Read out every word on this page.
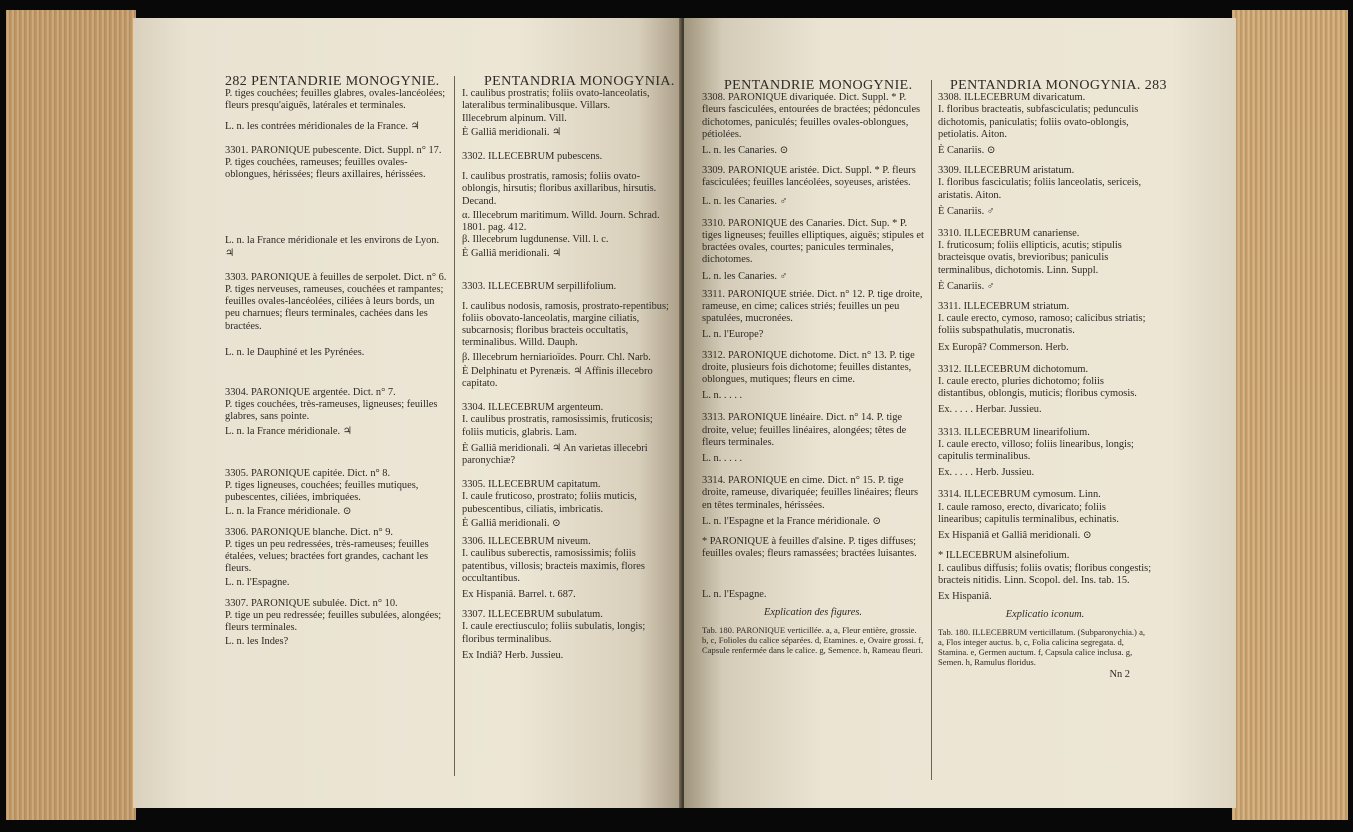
282 PENTANDRIE MONOGYNIE.
P. tiges couchées; feuilles glabres, ovales-lancéolées; fleurs presqu'aiguës, latérales et terminales.
L. n. les contrées méridionales de la France. ♃
3301. PARONIQUE pubescente. Dict. Suppl. n° 17.
P. tiges couchées, rameuses; feuilles ovales-oblongues, hérissées; fleurs axillaires, hérissées.
L. n. la France méridionale et les environs de Lyon. ♃
3303. PARONIQUE à feuilles de serpolet. Dict. n° 6.
P. tiges nerveuses, rameuses, couchées et rampantes; feuilles ovales-lancéolées, ciliées à leurs bords, un peu charnues; fleurs terminales, cachées dans les bractées.
L. n. le Dauphiné et les Pyrénées.
3304. PARONIQUE argentée. Dict. n° 7.
P. tiges couchées, très-rameuses, ligneuses; feuilles glabres, sans pointe.
L. n. la France méridionale. ♃
3305. PARONIQUE capitée. Dict. n° 8.
P. tiges ligneuses, couchées; feuilles mutiques, pubescentes, ciliées, imbriquées.
L. n. la France méridionale. ⊙
3306. PARONIQUE blanche. Dict. n° 9.
P. tiges un peu redressées, très-rameuses; feuilles étalées, velues; bractées fort grandes, cachant les fleurs.
L. n. l'Espagne.
3307. PARONIQUE subulée. Dict. n° 10.
P. tige un peu redressée; feuilles subulées, alongées; fleurs terminales.
L. n. les Indes?
PENTANDRIA MONOGYNIA.
I. caulibus prostratis; foliis ovato-lanceolatis, lateralibus terminalibusque. Villars.
Illecebrum alpinum. Vill.
È Galliâ meridionali. ♃
3302. ILLECEBRUM pubescens.
I. caulibus prostratis, ramosis; foliis ovato-oblongis, hirsutis; floribus axillaribus, hirsutis. Decand.
α. Illecebrum maritimum. Willd. Journ. Schrad. 1801. pag. 412.
β. Illecebrum lugdunense. Vill. l. c.
È Galliâ meridionali. ♃
3303. ILLECEBRUM serpillifolium.
I. caulibus nodosis, ramosis, prostrato-repentibus; foliis obovato-lanceolatis, margine ciliatis, subcarnosis; floribus bracteis occultatis, terminalibus. Willd. Dauph.
β. Illecebrum herniarioïdes. Pourr. Chl. Narb.
È Delphinatu et Pyrenæis. ♃ Affinis illecebro capitato.
3304. ILLECEBRUM argenteum.
I. caulibus prostratis, ramosissimis, fruticosis; foliis muticis, glabris. Lam.
È Galliâ meridionali. ♃ An varietas illecebri paronychiæ?
3305. ILLECEBRUM capitatum.
I. caule fruticoso, prostrato; foliis muticis, pubescentibus, ciliatis, imbricatis.
È Galliâ meridionali. ⊙
3306. ILLECEBRUM niveum.
I. caulibus suberectis, ramosissimis; foliis patentibus, villosis; bracteis maximis, flores occultantibus.
Ex Hispaniâ. Barrel. t. 687.
3307. ILLECEBRUM subulatum.
I. caule erectiusculo; foliis subulatis, longis; floribus terminalibus.
Ex Indiâ? Herb. Jussieu.
PENTANDRIE MONOGYNIE.
3308. PARONIQUE divariquée. Dict. Suppl. * P. fleurs fasciculées, entourées de bractées; pédoncules dichotomes, paniculés; feuilles ovales-oblongues, pétiolées.
L. n. les Canaries. ⊙
3309. PARONIQUE aristée. Dict. Suppl. * P. fleurs fasciculées; feuilles lancéolées, soyeuses, aristées.
L. n. les Canaries. ♂
3310. PARONIQUE des Canaries. Dict. Sup. * P. tiges ligneuses; feuilles elliptiques, aiguës; stipules et bractées ovales, courtes; panicules terminales, dichotomes.
L. n. les Canaries. ♂
3311. PARONIQUE striée. Dict. n° 12. P. tige droite, rameuse, en cime; calices striés; feuilles un peu spatulées, mucronées.
L. n. l'Europe?
3312. PARONIQUE dichotome. Dict. n° 13. P. tige droite, plusieurs fois dichotome; feuilles distantes, oblongues, mutiques; fleurs en cime.
L. n. . . . .
3313. PARONIQUE linéaire. Dict. n° 14. P. tige droite, velue; feuilles linéaires, alongées; têtes de fleurs terminales.
L. n. . . . .
3314. PARONIQUE en cime. Dict. n° 15. P. tige droite, rameuse, divariquée; feuilles linéaires; fleurs en têtes terminales, hérissées.
L. n. l'Espagne et la France méridionale. ⊙
* PARONIQUE à feuilles d'alsine. P. tiges diffuses; feuilles ovales; fleurs ramassées; bractées luisantes.
L. n. l'Espagne.
Explication des figures.
Tab. 180. PARONIQUE verticillée. a, a, Fleur entière, grossie. b, c, Folioles du calice séparées. d, Etamines. e, Ovaire grossi. f, Capsule renfermée dans le calice. g, Semence. h, Rameau fleuri.
PENTANDRIA MONOGYNIA. 283
3308. ILLECEBRUM divaricatum.
I. floribus bracteatis, subfasciculatis; pedunculis dichotomis, paniculatis; foliis ovato-oblongis, petiolatis. Aiton.
È Canariis. ⊙
3309. ILLECEBRUM aristatum.
I. floribus fasciculatis; foliis lanceolatis, sericeis, aristatis. Aiton.
È Canariis. ♂
3310. ILLECEBRUM canariense.
I. fruticosum; foliis ellipticis, acutis; stipulis bracteisque ovatis, brevioribus; paniculis terminalibus, dichotomis. Linn. Suppl.
È Canariis. ♂
3311. ILLECEBRUM striatum.
I. caule erecto, cymoso, ramoso; calicibus striatis; foliis subspathulatis, mucronatis.
Ex Europâ? Commerson. Herb.
3312. ILLECEBRUM dichotomum.
I. caule erecto, pluries dichotomo; foliis distantibus, oblongis, muticis; floribus cymosis.
Ex. . . . . Herbar. Jussieu.
3313. ILLECEBRUM linearifolium.
I. caule erecto, villoso; foliis linearibus, longis; capitulis terminalibus.
Ex. . . . . Herb. Jussieu.
3314. ILLECEBRUM cymosum. Linn.
I. caule ramoso, erecto, divaricato; foliis linearibus; capitulis terminalibus, echinatis.
Ex Hispaniâ et Galliâ meridionali. ⊙
* ILLECEBRUM alsinefolium.
I. caulibus diffusis; foliis ovatis; floribus congestis; bracteis nitidis. Linn. Scopol. del. Ins. tab. 15.
Ex Hispaniâ.
Explicatio iconum.
Tab. 180. ILLECEBRUM verticillatum. (Subparonychia.) a, a, Flos integer auctus. b, c, Folia calicina segregata. d, Stamina. e, Germen auctum. f, Capsula calice inclusa. g, Semen. h, Ramulus floridus.
Nn 2
